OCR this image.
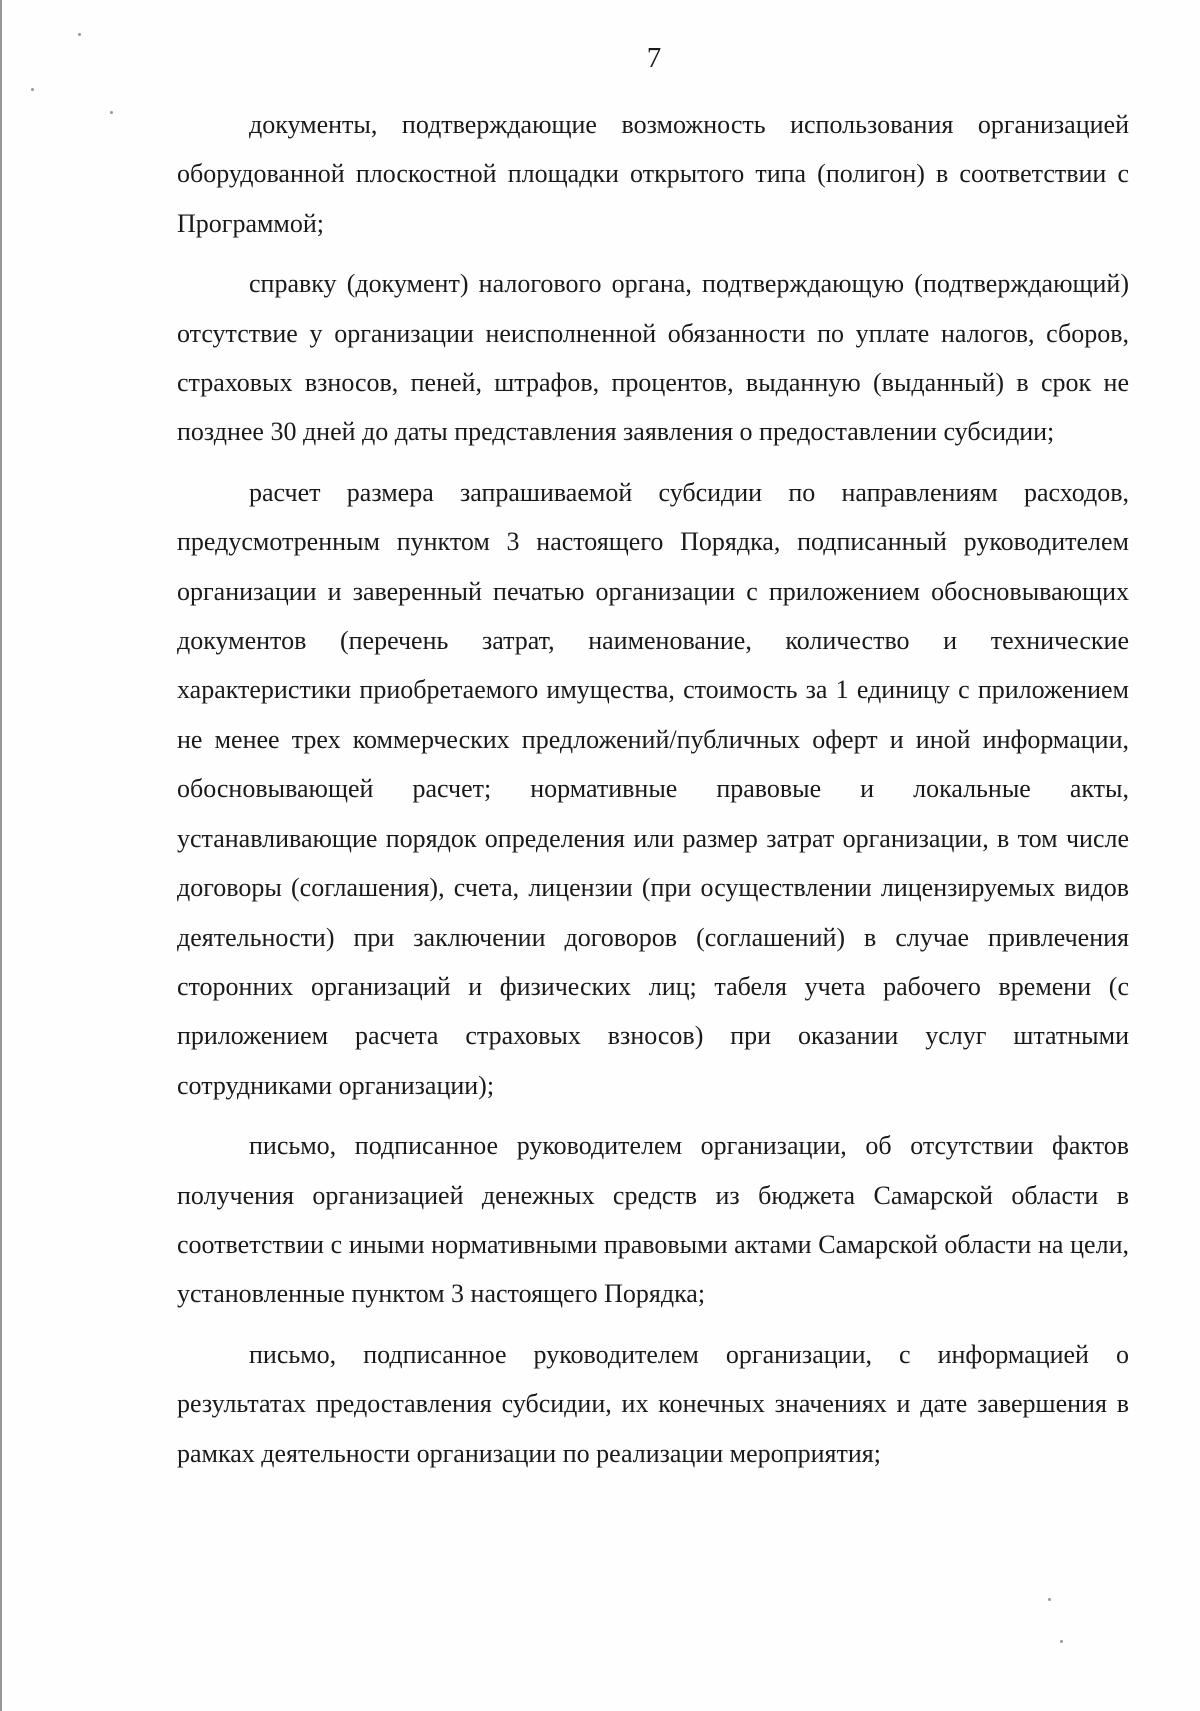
7

документы, подтверждающие возможность использования организацией оборудованной плоскостной площадки открытого типа (полигон) в соответствии с Программой;

справку (документ) налогового органа, подтверждающую (подтверждающий) отсутствие у организации неисполненной обязанности по уплате налогов, сборов, страховых взносов, пеней, штрафов, процентов, выданную (выданный) в срок не позднее 30 дней до даты представления заявления о предоставлении субсидии;

расчет размера запрашиваемой субсидии по направлениям расходов, предусмотренным пунктом 3 настоящего Порядка, подписанный руководителем организации и заверенный печатью организации с приложением обосновывающих документов (перечень затрат, наименование, количество и технические характеристики приобретаемого имущества, стоимость за 1 единицу с приложением не менее трех коммерческих предложений/публичных оферт и иной информации, обосновывающей расчет; нормативные правовые и локальные акты, устанавливающие порядок определения или размер затрат организации, в том числе договоры (соглашения), счета, лицензии (при осуществлении лицензируемых видов деятельности) при заключении договоров (соглашений) в случае привлечения сторонних организаций и физических лиц; табеля учета рабочего времени (с приложением расчета страховых взносов) при оказании услуг штатными сотрудниками организации);

письмо, подписанное руководителем организации, об отсутствии фактов получения организацией денежных средств из бюджета Самарской области в соответствии с иными нормативными правовыми актами Самарской области на цели, установленные пунктом 3 настоящего Порядка;

письмо, подписанное руководителем организации, с информацией о результатах предоставления субсидии, их конечных значениях и дате завершения в рамках деятельности организации по реализации мероприятия;
